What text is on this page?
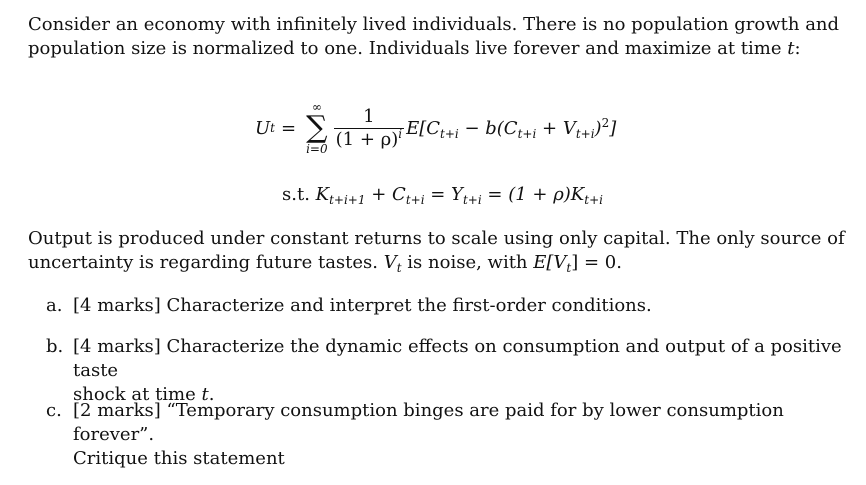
Consider an economy with infinitely lived individuals. There is no population growth and
population size is normalized to one. Individuals live forever and maximize at time t:
U t =
∞
∑
$i=0 \frac{1}{(1 + \rho)^i} E[C_{t+i} - b(C_{t+i} + V_{t+i})^2]$
s.t. $K_{t+i+1} + C_{t+i} = Y_{t+i} = (1 + \rho)K_{t+i}$
Output is produced under constant returns to scale using only capital. The only source of
uncertainty is regarding future tastes. $V_t$ is noise, with $E[V_t] = 0$.
a. [4 marks] Characterize and interpret the first-order conditions.
b. [4 marks] Characterize the dynamic effects on consumption and output of a positive taste
shock at time t.
c. [2 marks] “Temporary consumption binges are paid for by lower consumption forever”.
Critique this statement
